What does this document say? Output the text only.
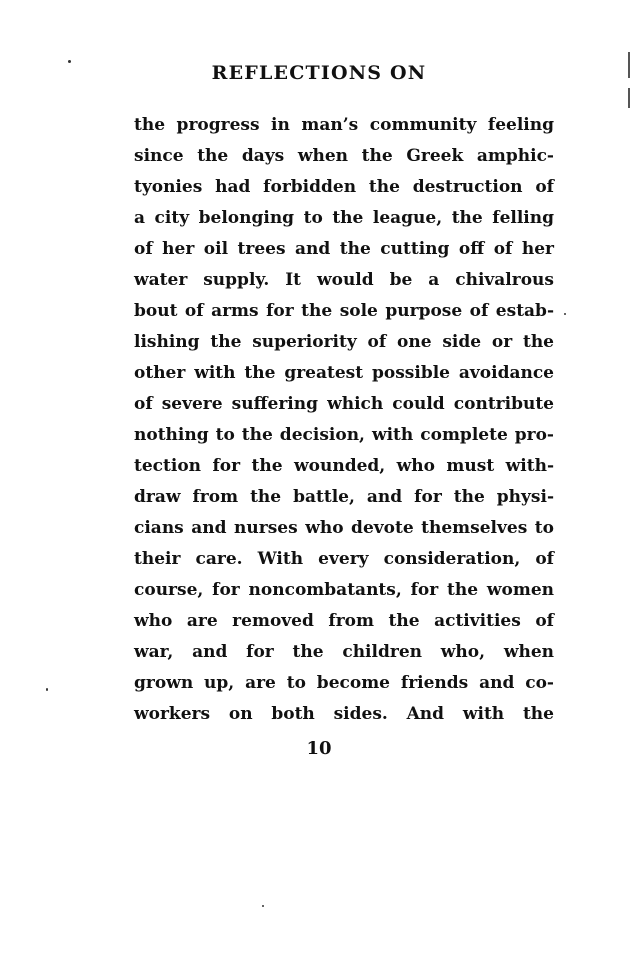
REFLECTIONS ON
the progress in man’s community feeling
since the days when the Greek amphic-
tyonies had forbidden the destruction of
a city belonging to the league, the felling
of her oil trees and the cutting off of her
water supply. It would be a chivalrous
bout of arms for the sole purpose of estab-
lishing the superiority of one side or the
other with the greatest possible avoidance
of severe suffering which could contribute
nothing to the decision, with complete pro-
tection for the wounded, who must with-
draw from the battle, and for the physi-
cians and nurses who devote themselves to
their care. With every consideration, of
course, for noncombatants, for the women
who are removed from the activities of
war, and for the children who, when
grown up, are to become friends and co-
workers on both sides. And with the
10
